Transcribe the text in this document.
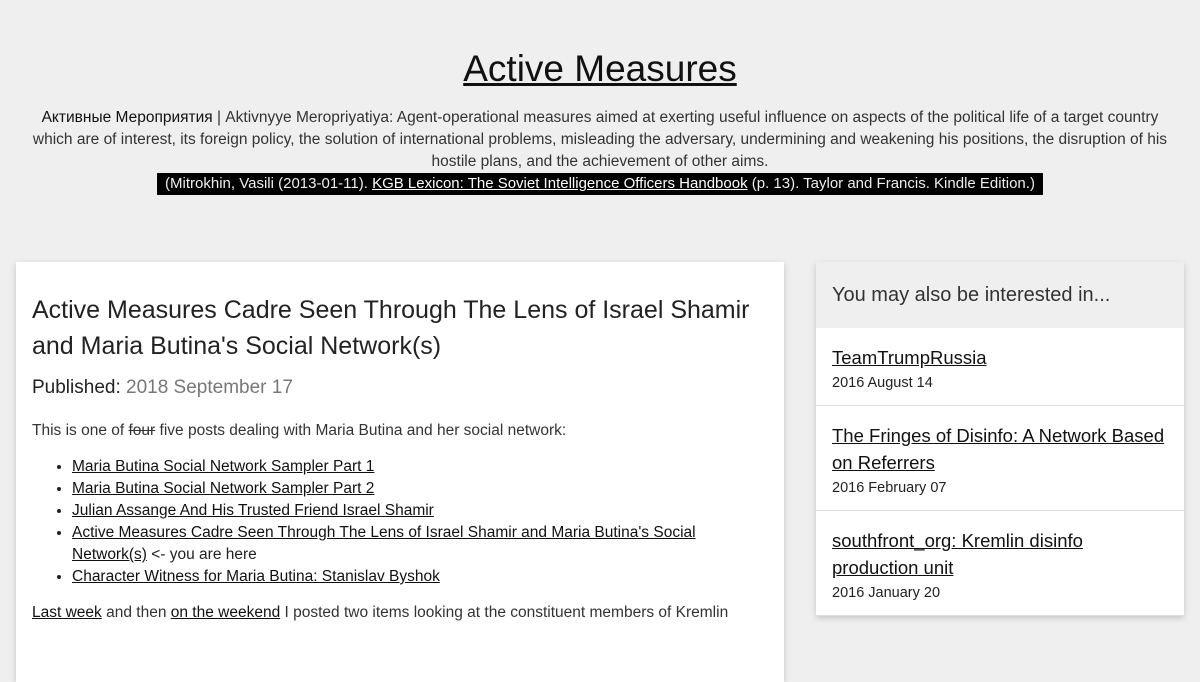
Active Measures
Активные Мероприятия | Aktivnyye Meropriyatiya: Agent-operational measures aimed at exerting useful influence on aspects of the political life of a target country which are of interest, its foreign policy, the solution of international problems, misleading the adversary, undermining and weakening his positions, the disruption of his hostile plans, and the achievement of other aims.
(Mitrokhin, Vasili (2013-01-11). KGB Lexicon: The Soviet Intelligence Officers Handbook (p. 13). Taylor and Francis. Kindle Edition.)
Active Measures Cadre Seen Through The Lens of Israel Shamir and Maria Butina's Social Network(s)
Published: 2018 September 17
This is one of four five posts dealing with Maria Butina and her social network:
• Maria Butina Social Network Sampler Part 1
• Maria Butina Social Network Sampler Part 2
• Julian Assange And His Trusted Friend Israel Shamir
• Active Measures Cadre Seen Through The Lens of Israel Shamir and Maria Butina's Social Network(s) <- you are here
• Character Witness for Maria Butina: Stanislav Byshok
Last week and then on the weekend I posted two items looking at the constituent members of Kremlin
You may also be interested in...
TeamTrumpRussia
2016 August 14
The Fringes of Disinfo: A Network Based on Referrers
2016 February 07
southfront_org: Kremlin disinfo production unit
2016 January 20
